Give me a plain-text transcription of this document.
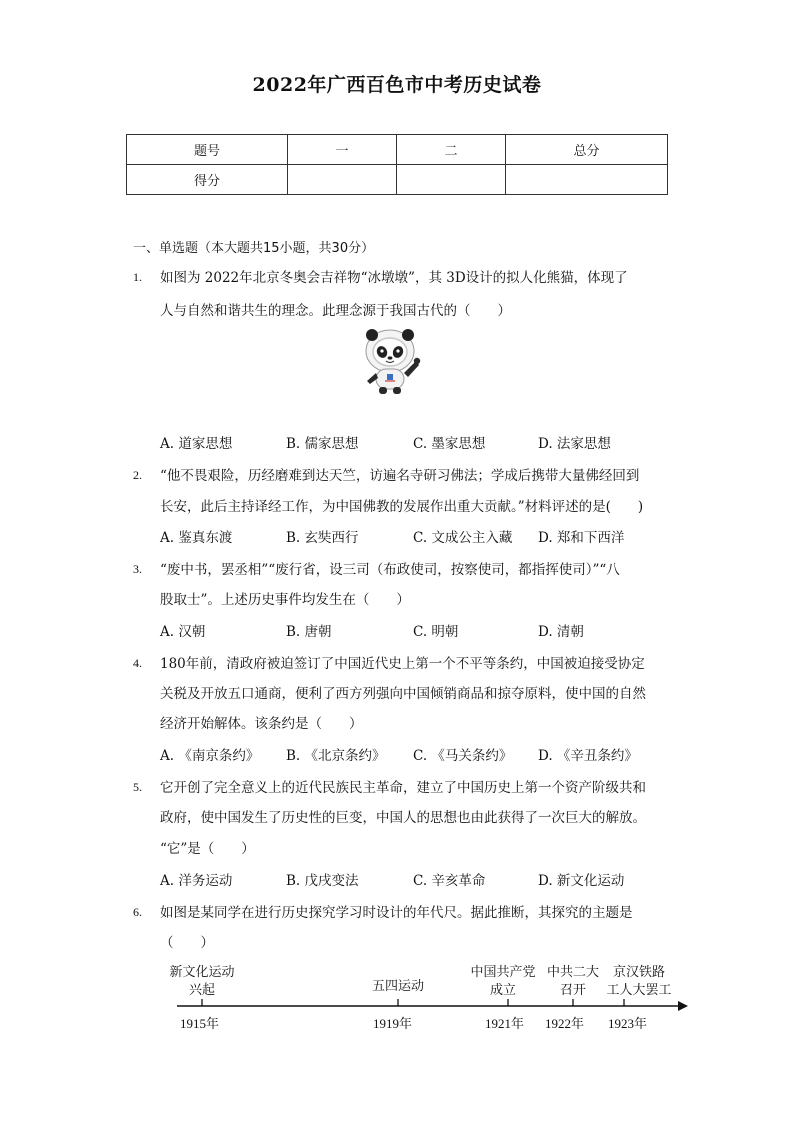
2022年广西百色市中考历史试卷
题号	一	二	总分
得分			
一、单选题（本大题共15小题，共30分）
1.	如图为 2022年北京冬奥会吉祥物“冰墩墩”，其 3D设计的拟人化熊猫，体现了
人与自然和谐共生的理念。此理念源于我国古代的（　　）
A. 道家思想	B. 儒家思想	C. 墨家思想	D. 法家思想
2.	“他不畏艰险，历经磨难到达天竺，访遍名寺研习佛法；学成后携带大量佛经回到
长安，此后主持译经工作，为中国佛教的发展作出重大贡献。”材料评述的是(　　)
A. 鉴真东渡	B. 玄奘西行	C. 文成公主入藏 D. 郑和下西洋
3.	“废中书，罢丞相”“废行省，设三司（布政使司，按察使司，都指挥使司）”“八
股取士”。上述历史事件均发生在（　　）
A. 汉朝	B. 唐朝	C. 明朝	D. 清朝
4.	180年前，清政府被迫签订了中国近代史上第一个不平等条约，中国被迫接受协定
关税及开放五口通商，便利了西方列强向中国倾销商品和掠夺原料，使中国的自然
经济开始解体。该条约是（　　）
A. 《南京条约》 B. 《北京条约》 C. 《马关条约》 D. 《辛丑条约》
5.	它开创了完全意义上的近代民族民主革命，建立了中国历史上第一个资产阶级共和
政府，使中国发生了历史性的巨变，中国人的思想也由此获得了一次巨大的解放。
“它”是（　　）
A. 洋务运动	B. 戊戌变法	C. 辛亥革命	D. 新文化运动
6.	如图是某同学在进行历史探究学习时设计的年代尺。据此推断，其探究的主题是
（　　）
新文化运动
兴起	五四运动
中国共产党
成立
中共二大
召开
京汉铁路
工人大罢工
1915年	1919年	1921年 1922年 1923年
